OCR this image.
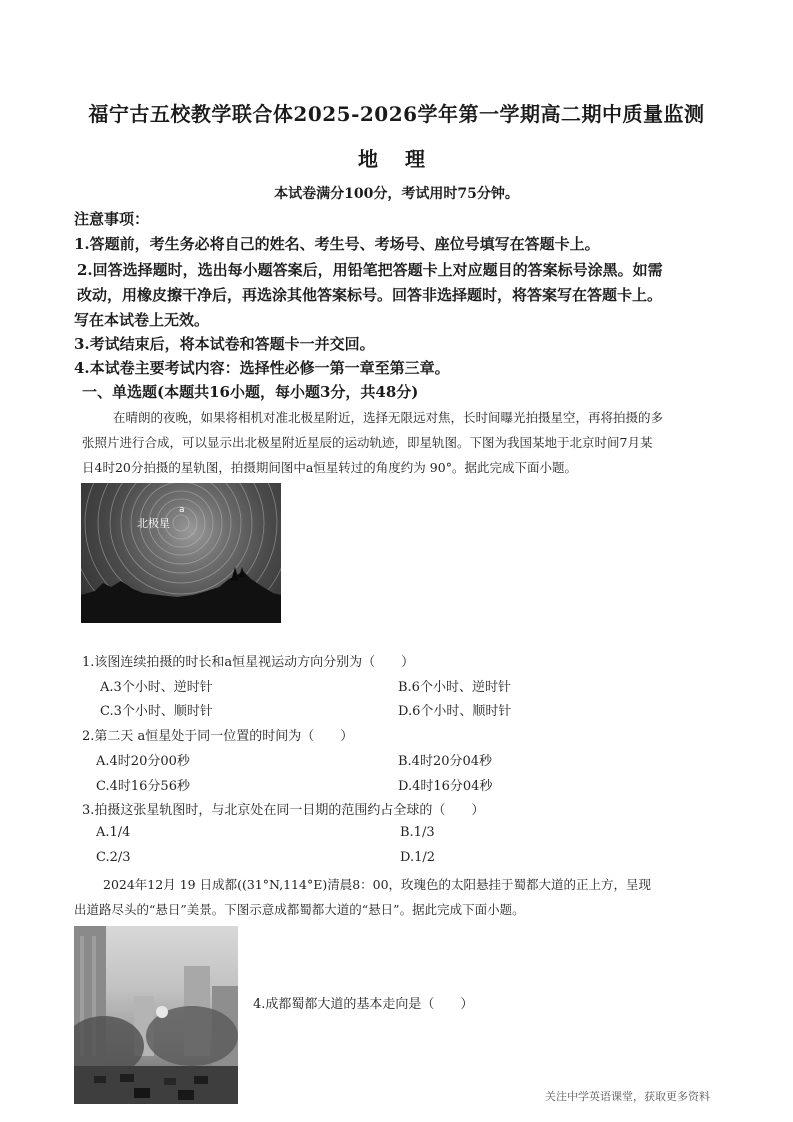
福宁古五校教学联合体2025-2026学年第一学期高二期中质量监测
地 理
本试卷满分100分，考试用时75分钟。
注意事项：
1.答题前，考生务必将自己的姓名、考生号、考场号、座位号填写在答题卡上。
2.回答选择题时，选出每小题答案后，用铅笔把答题卡上对应题目的答案标号涂黑。如需
改动，用橡皮擦干净后，再选涂其他答案标号。回答非选择题时，将答案写在答题卡上。
写在本试卷上无效。
3.考试结束后，将本试卷和答题卡一并交回。
4.本试卷主要考试内容：选择性必修一第一章至第三章。
一、单选题(本题共16小题，每小题3分，共48分)
在晴朗的夜晚，如果将相机对准北极星附近，选择无限远对焦，长时间曝光拍摄星空，再将拍摄的多
张照片进行合成，可以显示出北极星附近星辰的运动轨迹，即星轨图。下图为我国某地于北京时间7月某
日4时20分拍摄的星轨图，拍摄期间图中a恒星转过的角度约为 90°。据此完成下面小题。
北极星
a
1.该图连续拍摄的时长和a恒星视运动方向分别为（　　）
A.3个小时、逆时针	B.6个小时、逆时针
C.3个小时、顺时针	D.6个小时、顺时针
2.第二天 a恒星处于同一位置的时间为（　　）
A.4时20分00秒	B.4时20分04秒
C.4时16分56秒	D.4时16分04秒
3.拍摄这张星轨图时，与北京处在同一日期的范围约占全球的（　　）
A.1/4	B.1/3
C.2/3	D.1/2
2024年12月 19 日成都((31°N,114°E)清晨8：00，玫瑰色的太阳悬挂于蜀都大道的正上方，呈现
出道路尽头的“悬日”美景。下图示意成都蜀都大道的“悬日”。据此完成下面小题。
4.成都蜀都大道的基本走向是（　　）
关注中学英语课堂，获取更多资料
